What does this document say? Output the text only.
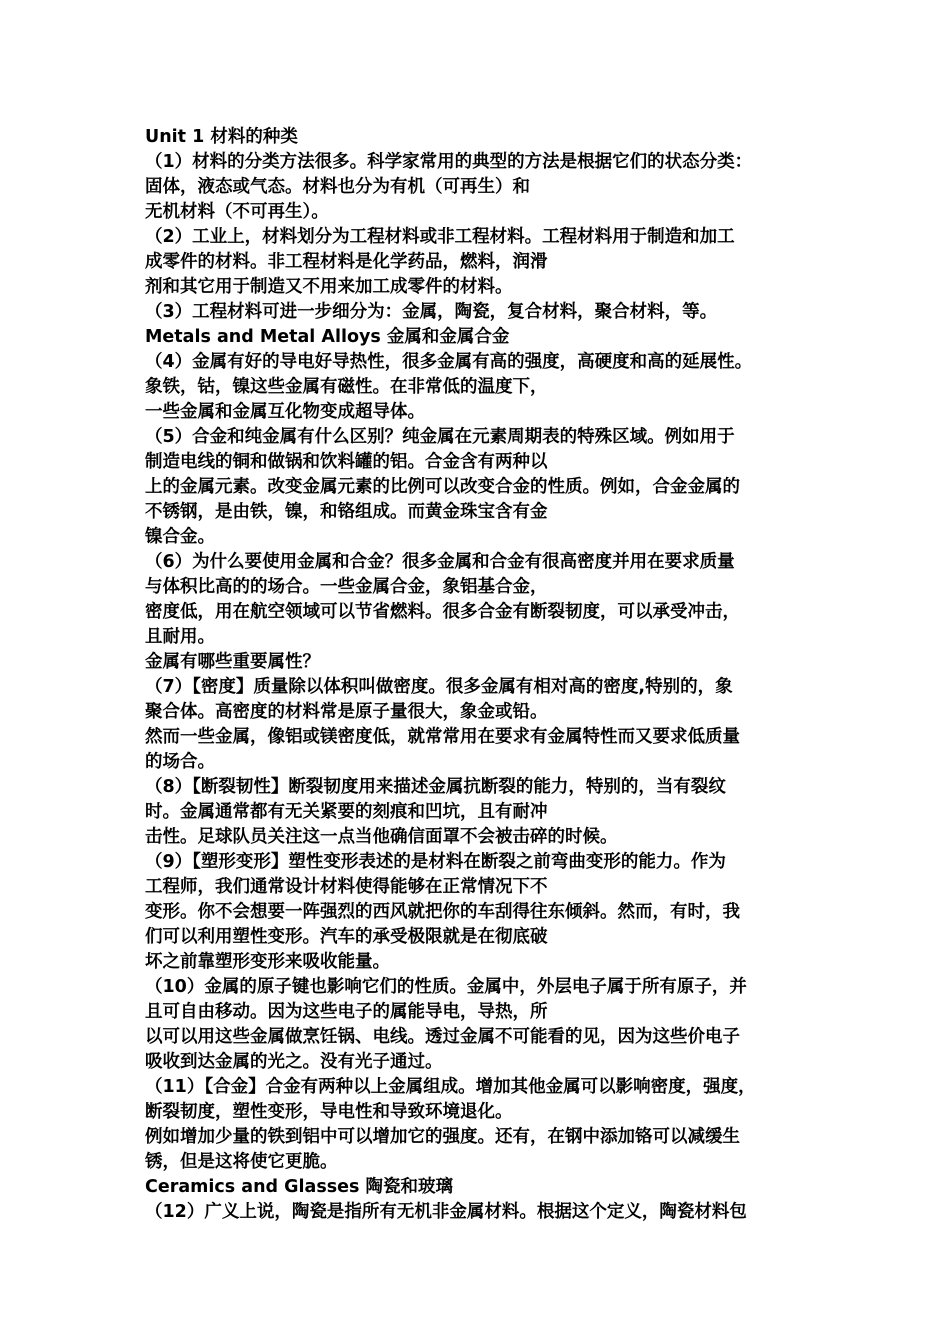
Unit 1 材料的种类
（1）材料的分类方法很多。科学家常用的典型的方法是根据它们的状态分类：
固体，液态或气态。材料也分为有机（可再生）和
无机材料（不可再生）。
（2）工业上，材料划分为工程材料或非工程材料。工程材料用于制造和加工
成零件的材料。非工程材料是化学药品，燃料，润滑
剂和其它用于制造又不用来加工成零件的材料。
（3）工程材料可进一步细分为：金属，陶瓷，复合材料，聚合材料，等。
Metals and Metal Alloys 金属和金属合金
（4）金属有好的导电好导热性，很多金属有高的强度，高硬度和高的延展性。
象铁，钴，镍这些金属有磁性。在非常低的温度下，
一些金属和金属互化物变成超导体。
（5）合金和纯金属有什么区别？纯金属在元素周期表的特殊区域。例如用于
制造电线的铜和做锅和饮料罐的铝。合金含有两种以
上的金属元素。改变金属元素的比例可以改变合金的性质。例如，合金金属的
不锈钢，是由铁，镍，和铬组成。而黄金珠宝含有金
镍合金。
（6）为什么要使用金属和合金？很多金属和合金有很高密度并用在要求质量
与体积比高的的场合。一些金属合金，象铝基合金，
密度低，用在航空领域可以节省燃料。很多合金有断裂韧度，可以承受冲击，
且耐用。
金属有哪些重要属性？
（7）【密度】质量除以体积叫做密度。很多金属有相对高的密度,特别的，象
聚合体。高密度的材料常是原子量很大，象金或铅。
然而一些金属，像铝或镁密度低，就常常用在要求有金属特性而又要求低质量
的场合。
（8）【断裂韧性】断裂韧度用来描述金属抗断裂的能力，特别的，当有裂纹
时。金属通常都有无关紧要的刻痕和凹坑，且有耐冲
击性。足球队员关注这一点当他确信面罩不会被击碎的时候。
（9）【塑形变形】塑性变形表述的是材料在断裂之前弯曲变形的能力。作为
工程师，我们通常设计材料使得能够在正常情况下不
变形。你不会想要一阵强烈的西风就把你的车刮得往东倾斜。然而，有时，我
们可以利用塑性变形。汽车的承受极限就是在彻底破
坏之前靠塑形变形来吸收能量。
（10）金属的原子键也影响它们的性质。金属中，外层电子属于所有原子，并
且可自由移动。因为这些电子的属能导电，导热，所
以可以用这些金属做烹饪锅、电线。透过金属不可能看的见，因为这些价电子
吸收到达金属的光之。没有光子通过。
（11）【合金】合金有两种以上金属组成。增加其他金属可以影响密度，强度，
断裂韧度，塑性变形，导电性和导致环境退化。
例如增加少量的铁到铝中可以增加它的强度。还有，在钢中添加铬可以减缓生
锈，但是这将使它更脆。
Ceramics and Glasses 陶瓷和玻璃
（12）广义上说，陶瓷是指所有无机非金属材料。根据这个定义，陶瓷材料包
